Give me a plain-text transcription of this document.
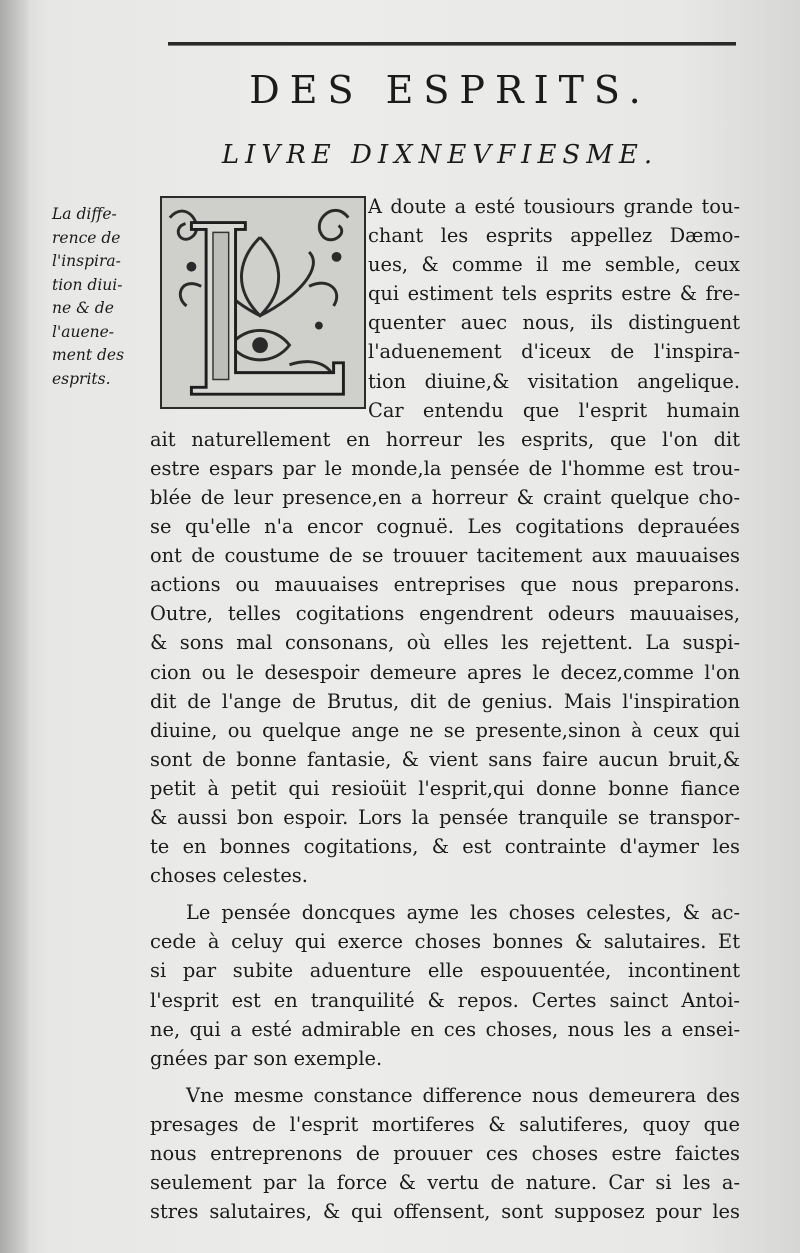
DES ESPRITS.
LIVRE DIXNEVFIESME.
La diffe-
rence de
l'inspira-
tion diui-
ne & de
l'auene-
ment des
esprits.
A doute a esté tousiours grande tou-
chant les esprits appellez Dæmo-
ues, & comme il me semble, ceux
qui estiment tels esprits estre & fre-
quenter auec nous, ils distinguent
l'aduenement d'iceux de l'inspira-
tion diuine,& visitation angelique.
Car entendu que l'esprit humain
ait naturellement en horreur les esprits, que l'on dit
estre espars par le monde,la pensée de l'homme est trou-
blée de leur presence,en a horreur & craint quelque cho-
se qu'elle n'a encor cognuë. Les cogitations deprauées
ont de coustume de se trouuer tacitement aux mauuaises
actions ou mauuaises entreprises que nous preparons.
Outre, telles cogitations engendrent odeurs mauuaises,
& sons mal consonans, où elles les rejettent. La suspi-
cion ou le desespoir demeure apres le decez,comme l'on
dit de l'ange de Brutus, dit de genius. Mais l'inspiration
diuine, ou quelque ange ne se presente,sinon à ceux qui
sont de bonne fantasie, & vient sans faire aucun bruit,&
petit à petit qui resioüit l'esprit,qui donne bonne fiance
& aussi bon espoir. Lors la pensée tranquile se transpor-
te en bonnes cogitations, & est contrainte d'aymer les
choses celestes.
Le pensée doncques ayme les choses celestes, & ac-
cede à celuy qui exerce choses bonnes & salutaires. Et
si par subite aduenture elle espouuentée, incontinent
l'esprit est en tranquilité & repos. Certes sainct Antoi-
ne, qui a esté admirable en ces choses, nous les a ensei-
gnées par son exemple.
Vne mesme constance difference nous demeurera des
presages de l'esprit mortiferes & salutiferes, quoy que
nous entreprenons de prouuer ces choses estre faictes
seulement par la force & vertu de nature. Car si les a-
stres salutaires, & qui offensent, sont supposez pour les
